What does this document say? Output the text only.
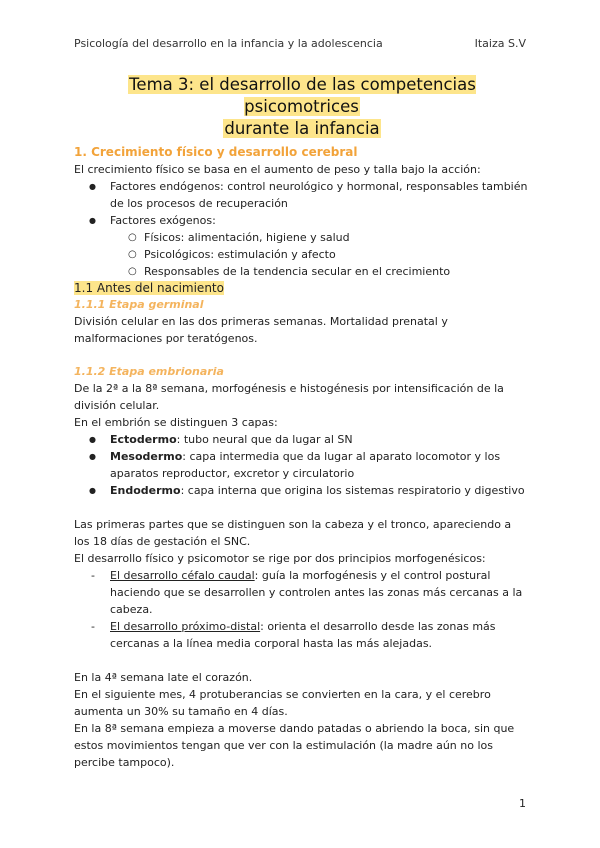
Psicología del desarrollo en la infancia y la adolescencia	Itaiza S.V
Tema 3: el desarrollo de las competencias psicomotrices
durante la infancia

1. Crecimiento físico y desarrollo cerebral

El crecimiento físico se basa en el aumento de peso y talla bajo la acción:

● Factores endógenos: control neurológico y hormonal, responsables también de los procesos de recuperación
● Factores exógenos:
○ Físicos: alimentación, higiene y salud
○ Psicológicos: estimulación y afecto
○ Responsables de la tendencia secular en el crecimiento

1.1 Antes del nacimiento

1.1.1 Etapa germinal

División celular en las dos primeras semanas. Mortalidad prenatal y malformaciones por teratógenos.

1.1.2 Etapa embrionaria

De la 2ª a la 8ª semana, morfogénesis e histogénesis por intensificación de la división celular.

En el embrión se distinguen 3 capas:

● Ectodermo: tubo neural que da lugar al SN
● Mesodermo: capa intermedia que da lugar al aparato locomotor y los aparatos reproductor, excretor y circulatorio
● Endodermo: capa interna que origina los sistemas respiratorio y digestivo

Las primeras partes que se distinguen son la cabeza y el tronco, apareciendo a los 18 días de gestación el SNC.

El desarrollo físico y psicomotor se rige por dos principios morfogenésicos:

- El desarrollo céfalo caudal: guía la morfogénesis y el control postural haciendo que se desarrollen y controlen antes las zonas más cercanas a la cabeza.
- El desarrollo próximo-distal: orienta el desarrollo desde las zonas más cercanas a la línea media corporal hasta las más alejadas.

En la 4ª semana late el corazón.

En el siguiente mes, 4 protuberancias se convierten en la cara, y el cerebro aumenta un 30% su tamaño en 4 días.

En la 8ª semana empieza a moverse dando patadas o abriendo la boca, sin que estos movimientos tengan que ver con la estimulación (la madre aún no los percibe tampoco).

1
